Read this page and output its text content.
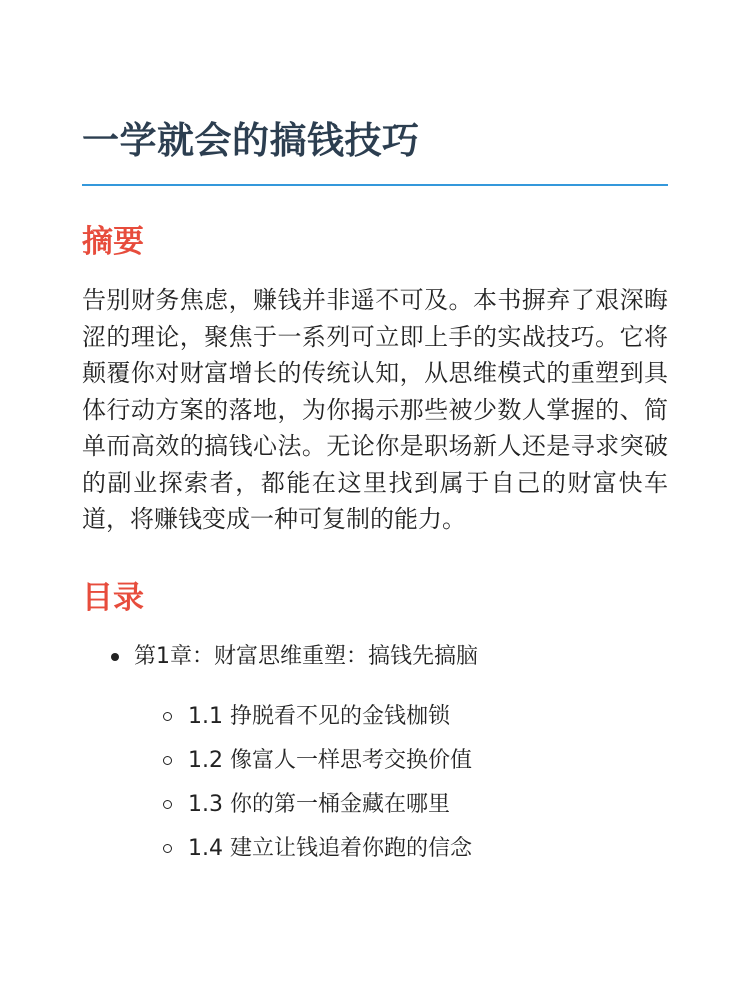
一学就会的搞钱技巧
摘要

告别财务焦虑，赚钱并非遥不可及。本书摒弃了艰深晦涩的理论，聚焦于一系列可立即上手的实战技巧。它将颠覆你对财富增长的传统认知，从思维模式的重塑到具体行动方案的落地，为你揭示那些被少数人掌握的、简单而高效的搞钱心法。无论你是职场新人还是寻求突破的副业探索者，都能在这里找到属于自己的财富快车道，将赚钱变成一种可复制的能力。

目录
第1章：财富思维重塑：搞钱先搞脑
1.1 挣脱看不见的金钱枷锁
1.2 像富人一样思考交换价值
1.3 你的第一桶金藏在哪里
1.4 建立让钱追着你跑的信念
